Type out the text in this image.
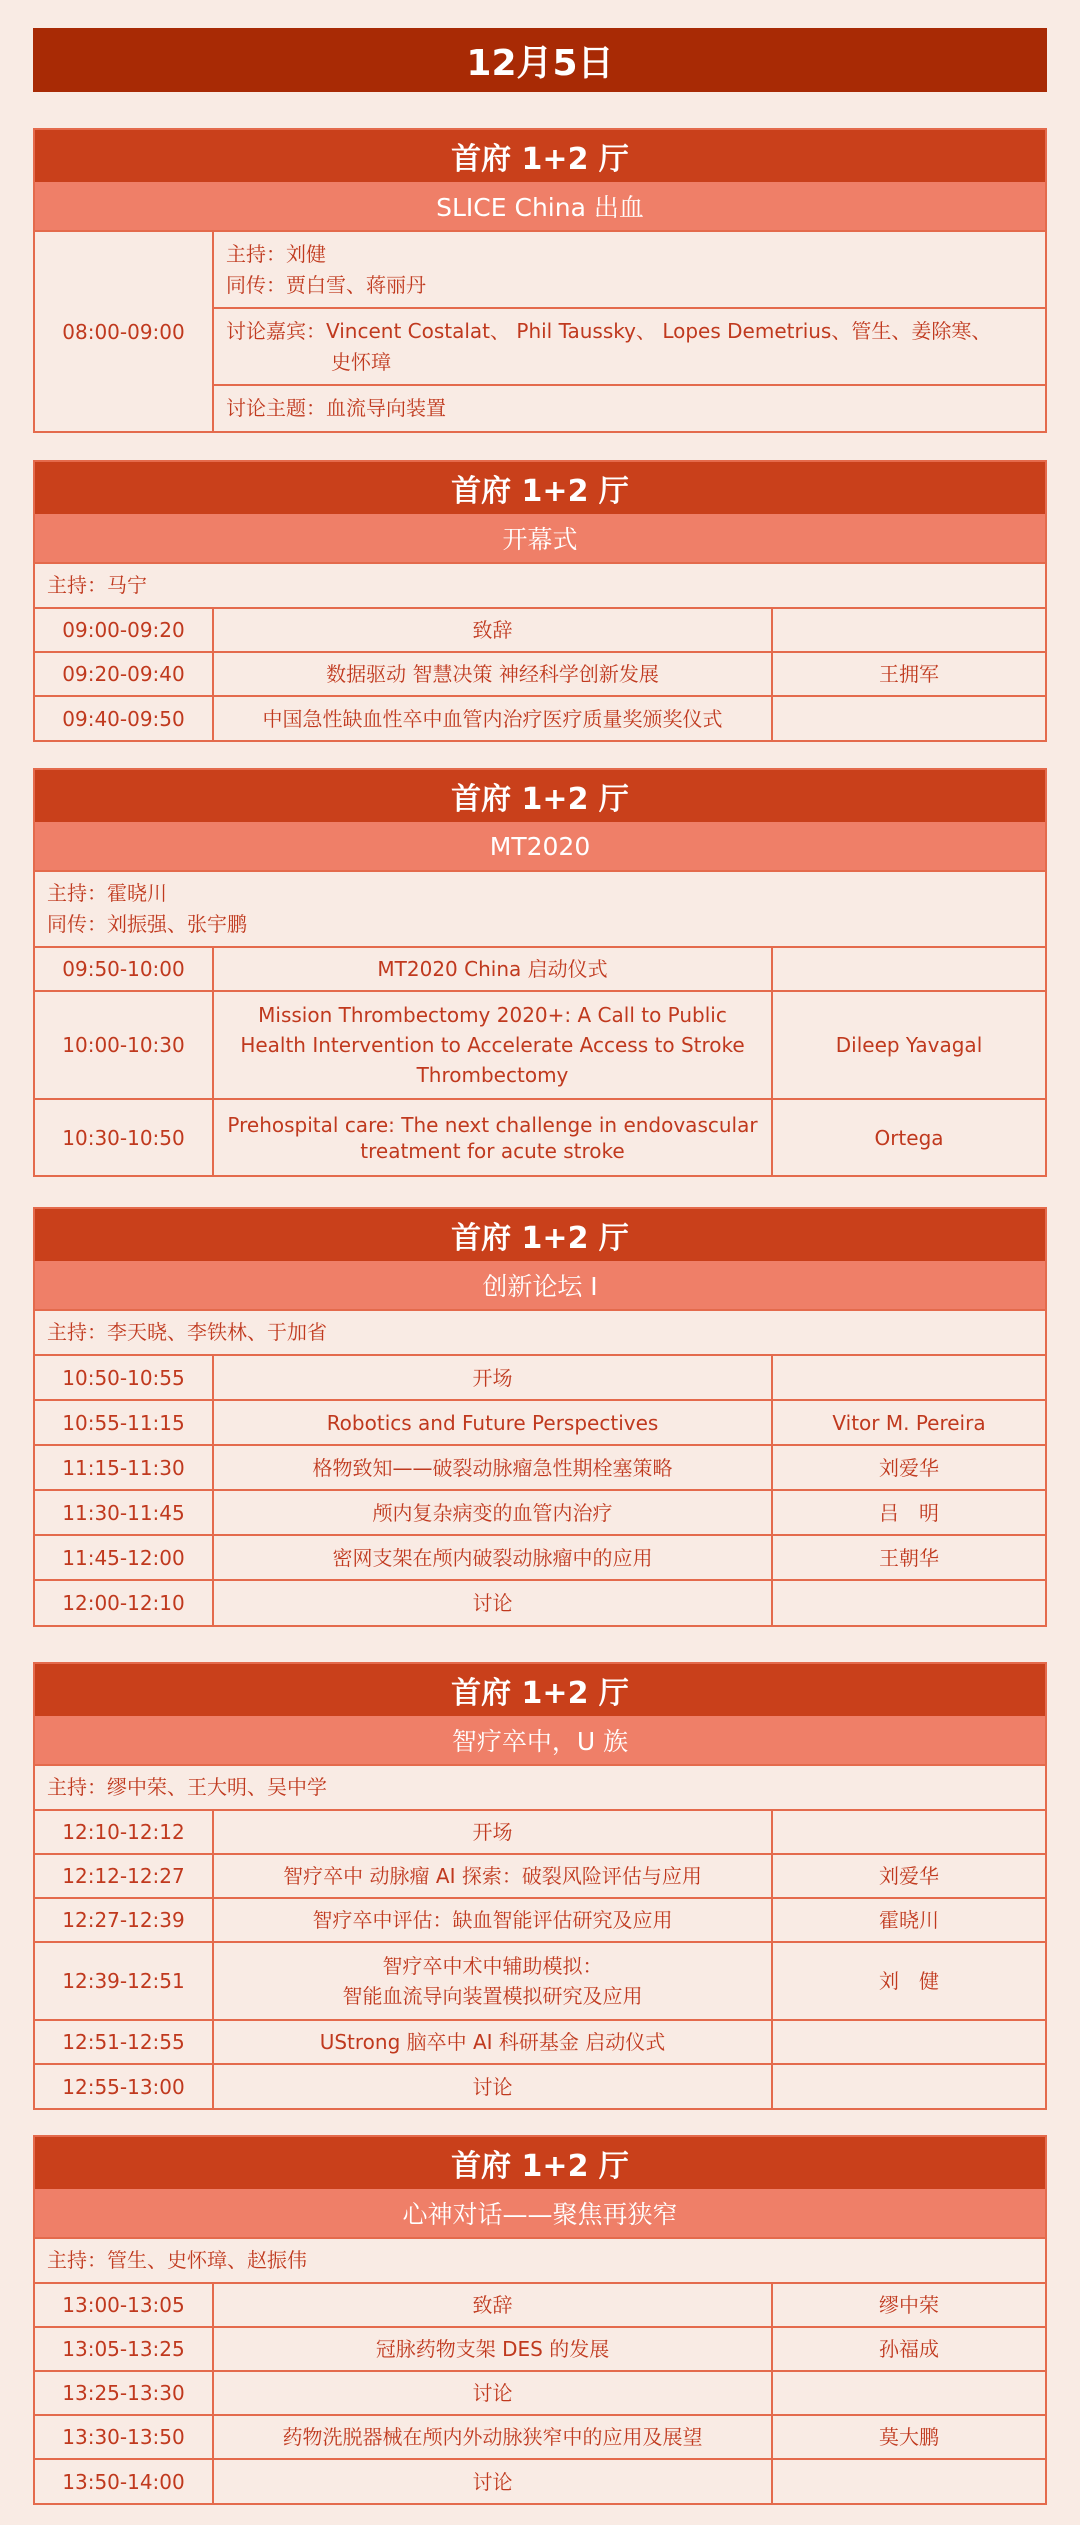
12月5日
首府 1+2 厅
SLICE China 出血
08:00-09:00	
主持：刘健
同传：贾白雪、蒋丽丹

讨论嘉宾：Vincent Costalat、 Phil Taussky、 Lopes Demetrius、管生、姜除寒、
史怀璋

讨论主题：血流导向装置
首府 1+2 厅
开幕式
主持：马宁
09:00-09:20	致辞	
09:20-09:40	数据驱动 智慧决策 神经科学创新发展	王拥军
09:40-09:50	中国急性缺血性卒中血管内治疗医疗质量奖颁奖仪式	
首府 1+2 厅
MT2020
主持：霍晓川
同传：刘振强、张宇鹏
09:50-10:00	MT2020 China 启动仪式	
10:00-10:30	Mission Thrombectomy 2020+: A Call to Public
Health Intervention to Accelerate Access to Stroke
Thrombectomy	Dileep Yavagal
10:30-10:50	Prehospital care: The next challenge in endovascular
treatment for acute stroke	Ortega
首府 1+2 厅
创新论坛 Ⅰ
主持：李天晓、李铁林、于加省
10:50-10:55	开场	
10:55-11:15	Robotics and Future Perspectives	Vitor M. Pereira
11:15-11:30	格物致知——破裂动脉瘤急性期栓塞策略	刘爱华
11:30-11:45	颅内复杂病变的血管内治疗	吕　明
11:45-12:00	密网支架在颅内破裂动脉瘤中的应用	王朝华
12:00-12:10	讨论	
首府 1+2 厅
智疗卒中，U 族
主持：缪中荣、王大明、吴中学
12:10-12:12	开场	
12:12-12:27	智疗卒中 动脉瘤 AI 探索：破裂风险评估与应用	刘爱华
12:27-12:39	智疗卒中评估：缺血智能评估研究及应用	霍晓川
12:39-12:51	智疗卒中术中辅助模拟：
智能血流导向装置模拟研究及应用	刘　健
12:51-12:55	UStrong 脑卒中 AI 科研基金 启动仪式	
12:55-13:00	讨论	
首府 1+2 厅
心神对话——聚焦再狭窄
主持：管生、史怀璋、赵振伟
13:00-13:05	致辞	缪中荣
13:05-13:25	冠脉药物支架 DES 的发展	孙福成
13:25-13:30	讨论	
13:30-13:50	药物洗脱器械在颅内外动脉狭窄中的应用及展望	莫大鹏
13:50-14:00	讨论	
